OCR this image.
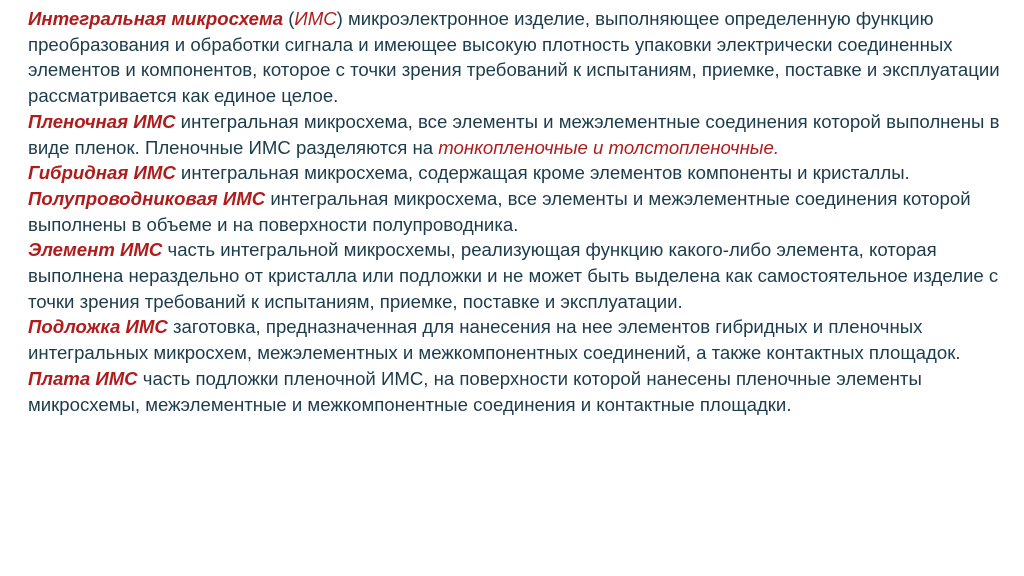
Интегральная микросхема (ИМС) микроэлектронное изделие, выполняющее определенную функцию преобразования и обработки сигнала и имеющее высокую плотность упаковки электрически соединенных элементов и компонентов, которое с точки зрения требований к испытаниям, приемке, поставке и эксплуатации рассматривается как единое целое.

Пленочная ИМС интегральная микросхема, все элементы и межэлементные соединения которой выполнены в виде пленок. Пленочные ИМС разделяются на тонкопленочные и толстопленочные.

Гибридная ИМС интегральная микросхема, содержащая кроме элементов компоненты и кристаллы.

Полупроводниковая ИМС интегральная микросхема, все элементы и межэлементные соединения которой выполнены в объеме и на поверхности полупроводника.

Элемент ИМС часть интегральной микросхемы, реализующая функцию какого-либо элемента, которая выполнена нераздельно от кристалла или подложки и не может быть выделена как самостоятельное изделие с точки зрения требований к испытаниям, приемке, поставке и эксплуатации.

Подложка ИМС заготовка, предназначенная для нанесения на нее элементов гибридных и пленочных интегральных микросхем, межэлементных и межкомпонентных соединений, а также контактных площадок.

Плата ИМС часть подложки пленочной ИМС, на поверхности которой нанесены пленочные элементы микросхемы, межэлементные и межкомпонентные соединения и контактные площадки.
